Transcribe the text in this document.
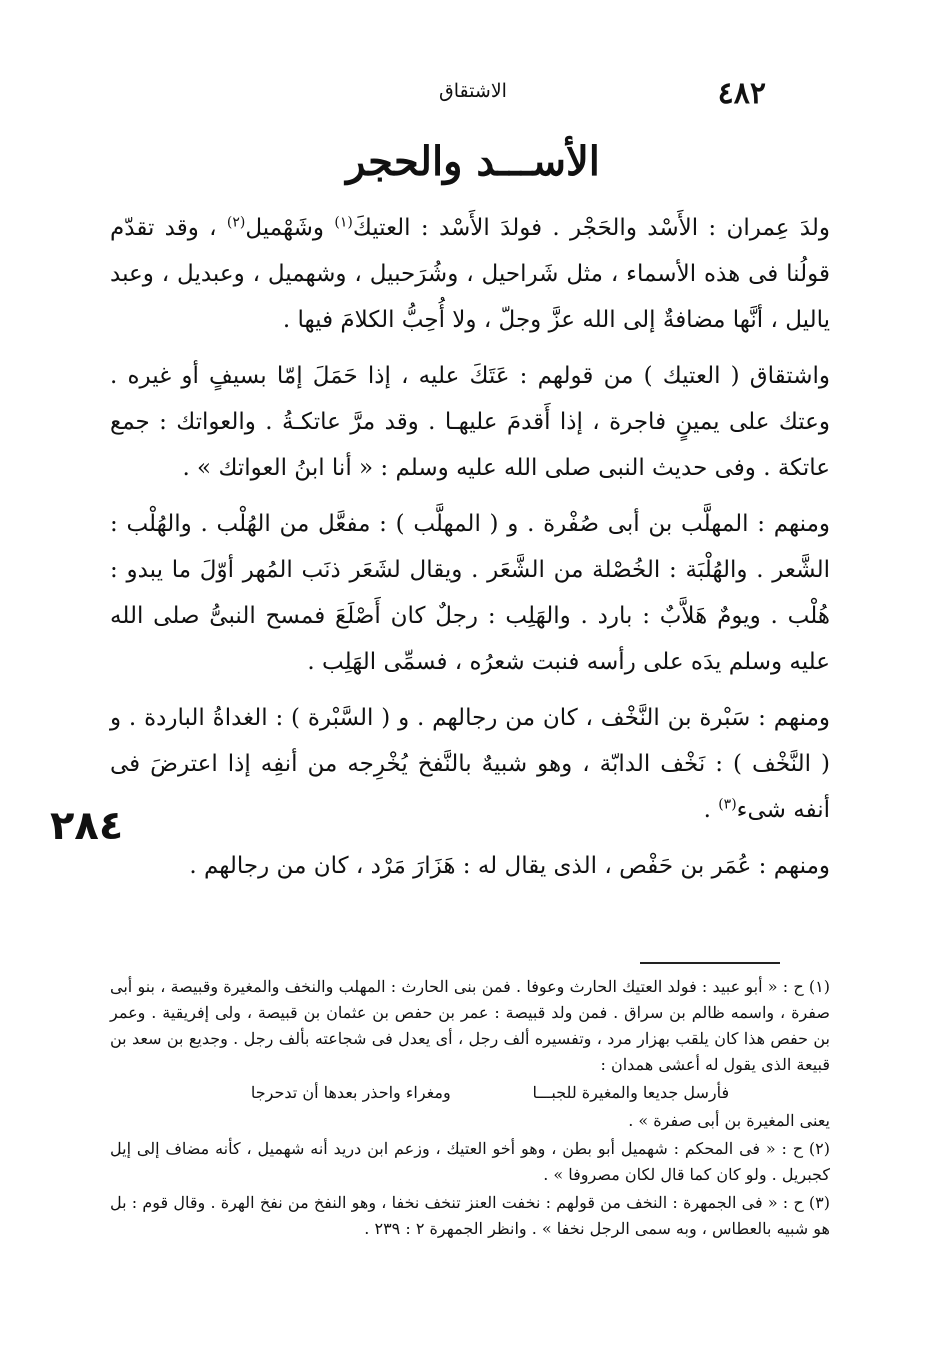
٤٨٢
الاشتقاق
الأســـد والحجر

ولدَ عِمران : الأَسْد والحَجْر . فولدَ الأَسْد : العتيكَ$^{(١)}$ وشَهْميل$^{(٢)}$ ، وقد تقدّم قولُنا فى هذه الأسماء ، مثل شَراحيل ، وشُرَحبيل ، وشهميل ، وعبديل ، وعبد ياليل ، أنَّها مضافةٌ إلى الله عزَّ وجلّ ، ولا أُحِبُّ الكلامَ فيها .

واشتقاق ( العتيك ) من قولهم : عَتَكَ عليه ، إذا حَمَلَ إمّا بسيفٍ أو غيره . وعتك على يمينٍ فاجرة ، إذا أَقدمَ عليهـا . وقد مرَّ عاتكـةُ . والعواتك : جمع عاتكة . وفى حديث النبى صلى الله عليه وسلم : « أنا ابنُ العواتك » .

ومنهم : المهلَّب بن أبى صُفْرة . و ( المهلَّب ) : مفعَّل من الهُلْب . والهُلْب : الشَّعر . والهُلْبَة : الخُصْلة من الشَّعَر . ويقال لشَعَر ذنَب المُهر أوّلَ ما يبدو : هُلْب . ويومٌ هَلاَّبٌ : بارد . والهَلِب : رجلٌ كان أَصْلَعَ فمسح النبىُّ صلى الله عليه وسلم يدَه على رأسه فنبت شعرُه ، فسمِّى الهَلِب .

ومنهم : سَبْرة بن النَّخْف ، كان من رجالهم . و ( السَّبْرة ) : الغداةُ الباردة . و ( النَّخْف ) : نَخْف الدابّة ، وهو شبيهٌ بالنَّفخ يُخْرِجه من أنفِه إذا اعترضَ فى أنفه شىء$^{(٣)}$ .

ومنهم : عُمَر بن حَفْص ، الذى يقال له : هَزَارَ مَرْد ، كان من رجالهم .

٢٨٤

(١) ح : « أبو عبيد : فولد العتيك الحارث وعوفا . فمن بنى الحارث : المهلب والنخف والمغيرة وقبيصة ، بنو أبى صفرة ، واسمه ظالم بن سراق . فمن ولد قبيصة : عمر بن حفص بن عثمان بن قبيصة ، ولى إفريقية . وعمر بن حفص هذا كان يلقب بهزار مرد ، وتفسيره ألف رجل ، أى يعدل فى شجاعته بألف رجل . وجديع بن سعد بن قبيعة الذى يقول له أعشى همدان :

فأرسل جديعا والمغيرة للجبـــا
ومغراء واحذر بعدها أن تدحرجا

يعنى المغيرة بن أبى صفرة » .

(٢) ح : « فى المحكم : شهميل أبو بطن ، وهو أخو العتيك ، وزعم ابن دريد أنه شهميل ، كأنه مضاف إلى إيل كجبريل . ولو كان كما قال لكان مصروفا » .

(٣) ح : « فى الجمهرة : النخف من قولهم : نخفت العنز تنخف نخفا ، وهو النفخ من نفخ الهرة . وقال قوم : بل هو شبيه بالعطاس ، وبه سمى الرجل نخفا » . وانظر الجمهرة ٢ : ٢٣٩ .
